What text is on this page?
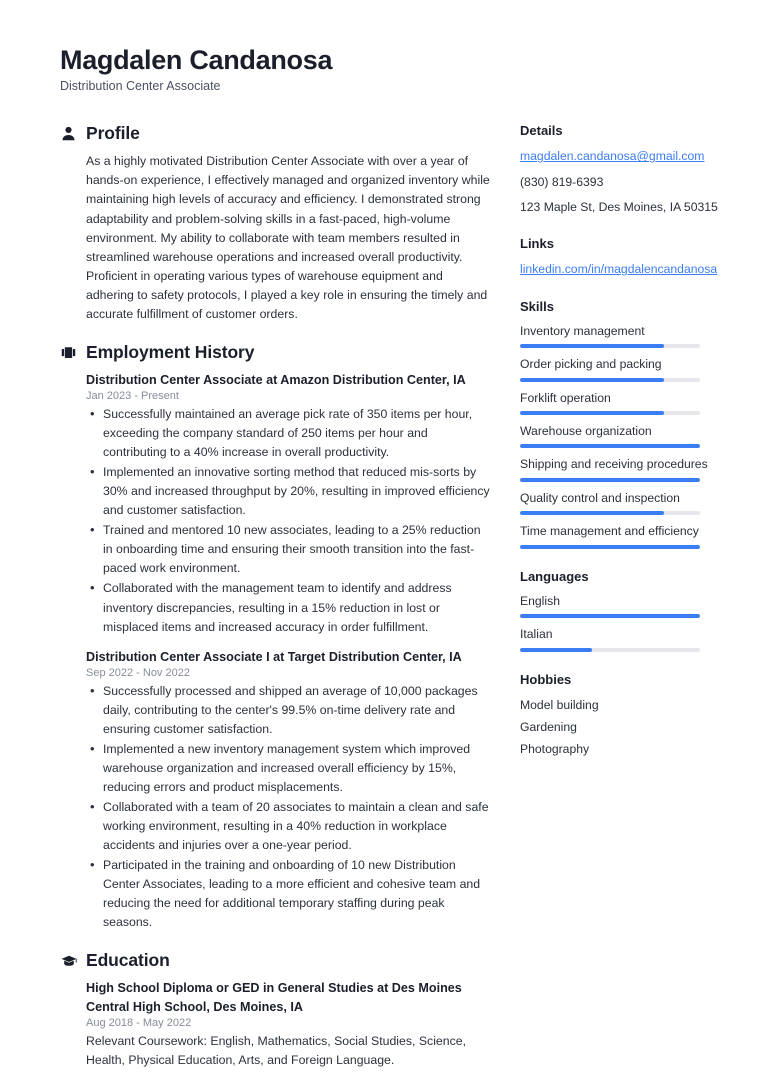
Magdalen Candanosa
Distribution Center Associate
Profile

As a highly motivated Distribution Center Associate with over a year of hands-on experience, I effectively managed and organized inventory while maintaining high levels of accuracy and efficiency. I demonstrated strong adaptability and problem-solving skills in a fast-paced, high-volume environment. My ability to collaborate with team members resulted in streamlined warehouse operations and increased overall productivity. Proficient in operating various types of warehouse equipment and adhering to safety protocols, I played a key role in ensuring the timely and accurate fulfillment of customer orders.

Employment History
Distribution Center Associate at Amazon Distribution Center, IA
Jan 2023 - Present
• Successfully maintained an average pick rate of 350 items per hour, exceeding the company standard of 250 items per hour and contributing to a 40% increase in overall productivity.
• Implemented an innovative sorting method that reduced mis-sorts by 30% and increased throughput by 20%, resulting in improved efficiency and customer satisfaction.
• Trained and mentored 10 new associates, leading to a 25% reduction in onboarding time and ensuring their smooth transition into the fast-paced work environment.
• Collaborated with the management team to identify and address inventory discrepancies, resulting in a 15% reduction in lost or misplaced items and increased accuracy in order fulfillment.
Distribution Center Associate I at Target Distribution Center, IA
Sep 2022 - Nov 2022
• Successfully processed and shipped an average of 10,000 packages daily, contributing to the center's 99.5% on-time delivery rate and ensuring customer satisfaction.
• Implemented a new inventory management system which improved warehouse organization and increased overall efficiency by 15%, reducing errors and product misplacements.
• Collaborated with a team of 20 associates to maintain a clean and safe working environment, resulting in a 40% reduction in workplace accidents and injuries over a one-year period.
• Participated in the training and onboarding of 10 new Distribution Center Associates, leading to a more efficient and cohesive team and reducing the need for additional temporary staffing during peak seasons.
Education
High School Diploma or GED in General Studies at Des Moines Central High School, Des Moines, IA
Aug 2018 - May 2022
Relevant Coursework: English, Mathematics, Social Studies, Science, Health, Physical Education, Arts, and Foreign Language.
Details
magdalen.candanosa@gmail.com
(830) 819-6393
123 Maple St, Des Moines, IA 50315
Links
linkedin.com/in/magdalencandanosa
Skills
Inventory management
Order picking and packing
Forklift operation
Warehouse organization
Shipping and receiving procedures
Quality control and inspection
Time management and efficiency
Languages
English
Italian
Hobbies
Model building
Gardening
Photography
